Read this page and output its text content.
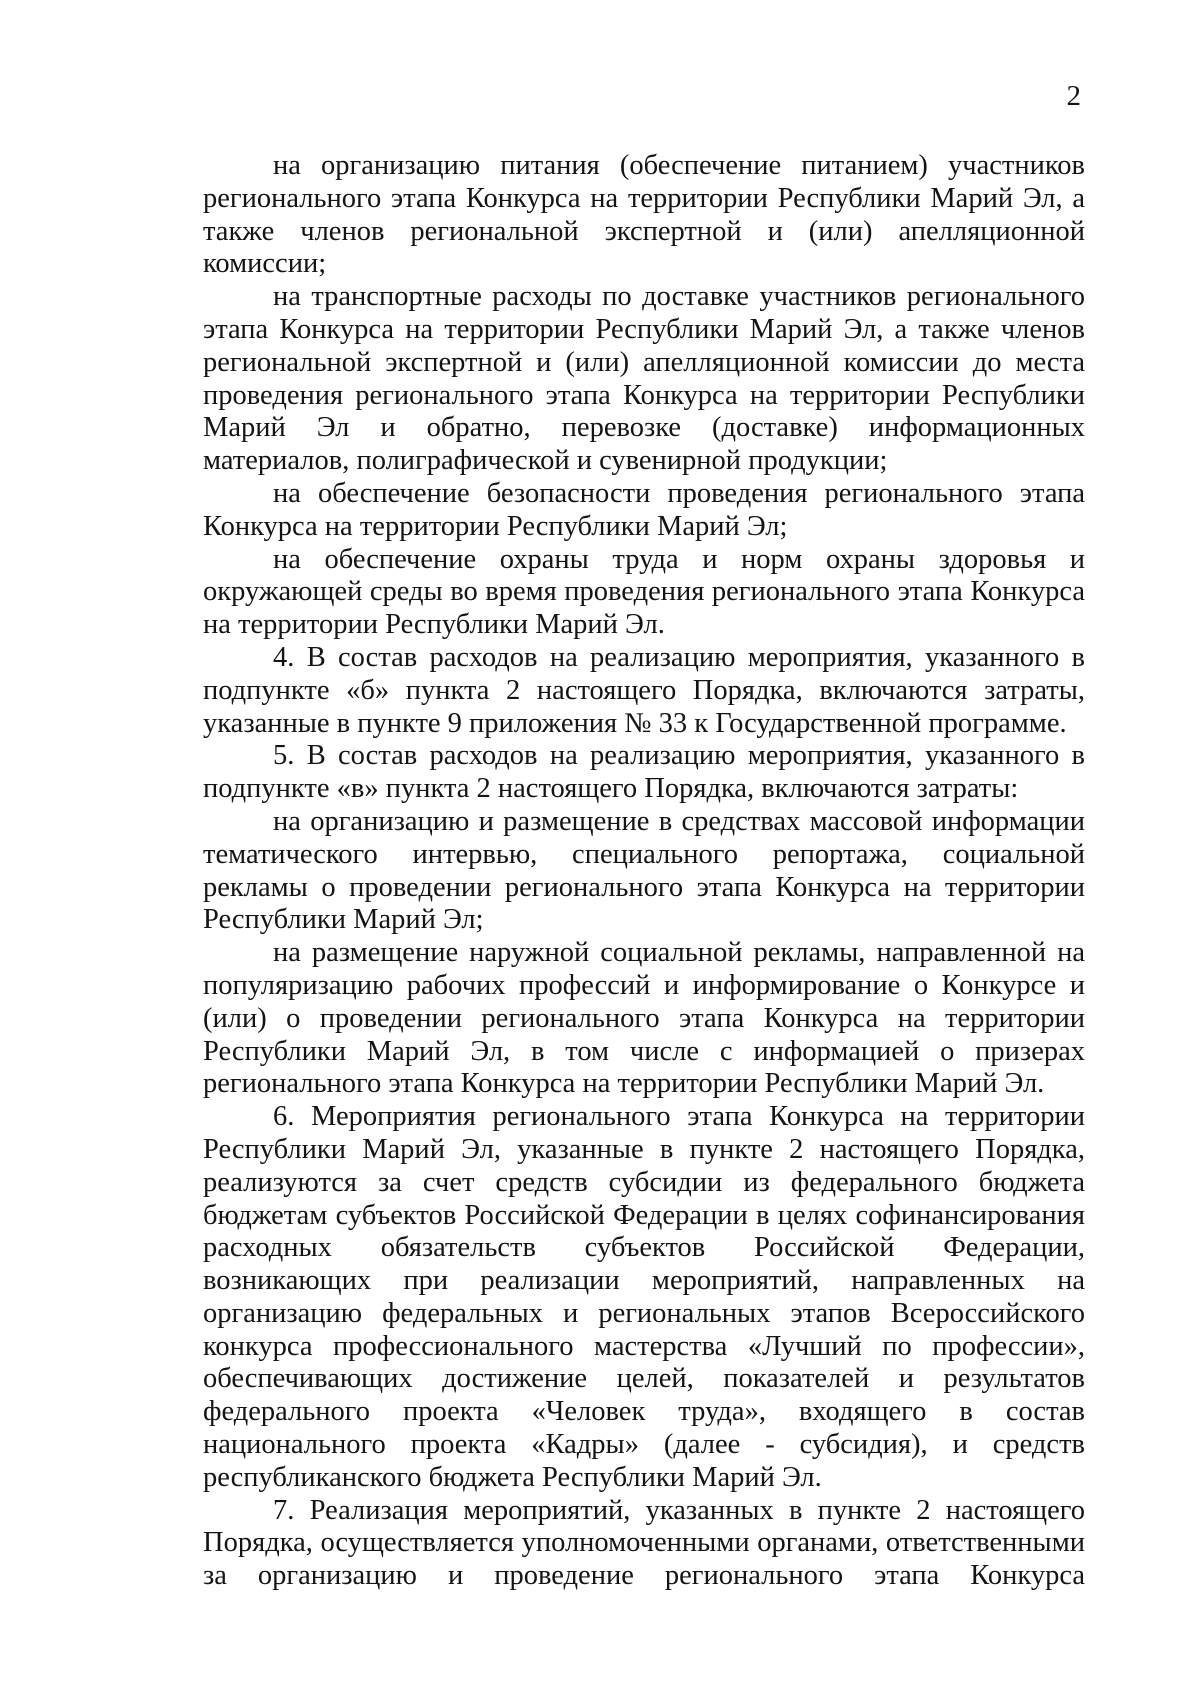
2

на организацию питания (обеспечение питанием) участников регионального этапа Конкурса на территории Республики Марий Эл, а также членов региональной экспертной и (или) апелляционной комиссии;

на транспортные расходы по доставке участников регионального этапа Конкурса на территории Республики Марий Эл, а также членов региональной экспертной и (или) апелляционной комиссии до места проведения регионального этапа Конкурса на территории Республики Марий Эл и обратно, перевозке (доставке) информационных материалов, полиграфической и сувенирной продукции;

на обеспечение безопасности проведения регионального этапа Конкурса на территории Республики Марий Эл;

на обеспечение охраны труда и норм охраны здоровья и окружающей среды во время проведения регионального этапа Конкурса на территории Республики Марий Эл.

4. В состав расходов на реализацию мероприятия, указанного в подпункте «б» пункта 2 настоящего Порядка, включаются затраты, указанные в пункте 9 приложения № 33 к Государственной программе.

5. В состав расходов на реализацию мероприятия, указанного в подпункте «в» пункта 2 настоящего Порядка, включаются затраты:

на организацию и размещение в средствах массовой информации тематического интервью, специального репортажа, социальной рекламы о проведении регионального этапа Конкурса на территории Республики Марий Эл;

на размещение наружной социальной рекламы, направленной на популяризацию рабочих профессий и информирование о Конкурсе и (или) о проведении регионального этапа Конкурса на территории Республики Марий Эл, в том числе с информацией о призерах регионального этапа Конкурса на территории Республики Марий Эл.

6. Мероприятия регионального этапа Конкурса на территории Республики Марий Эл, указанные в пункте 2 настоящего Порядка, реализуются за счет средств субсидии из федерального бюджета бюджетам субъектов Российской Федерации в целях софинансирования расходных обязательств субъектов Российской Федерации, возникающих при реализации мероприятий, направленных на организацию федеральных и региональных этапов Всероссийского конкурса профессионального мастерства «Лучший по профессии», обеспечивающих достижение целей, показателей и результатов федерального проекта «Человек труда», входящего в состав национального проекта «Кадры» (далее - субсидия), и средств республиканского бюджета Республики Марий Эл.

7. Реализация мероприятий, указанных в пункте 2 настоящего Порядка, осуществляется уполномоченными органами, ответственными за организацию и проведение регионального этапа Конкурса
